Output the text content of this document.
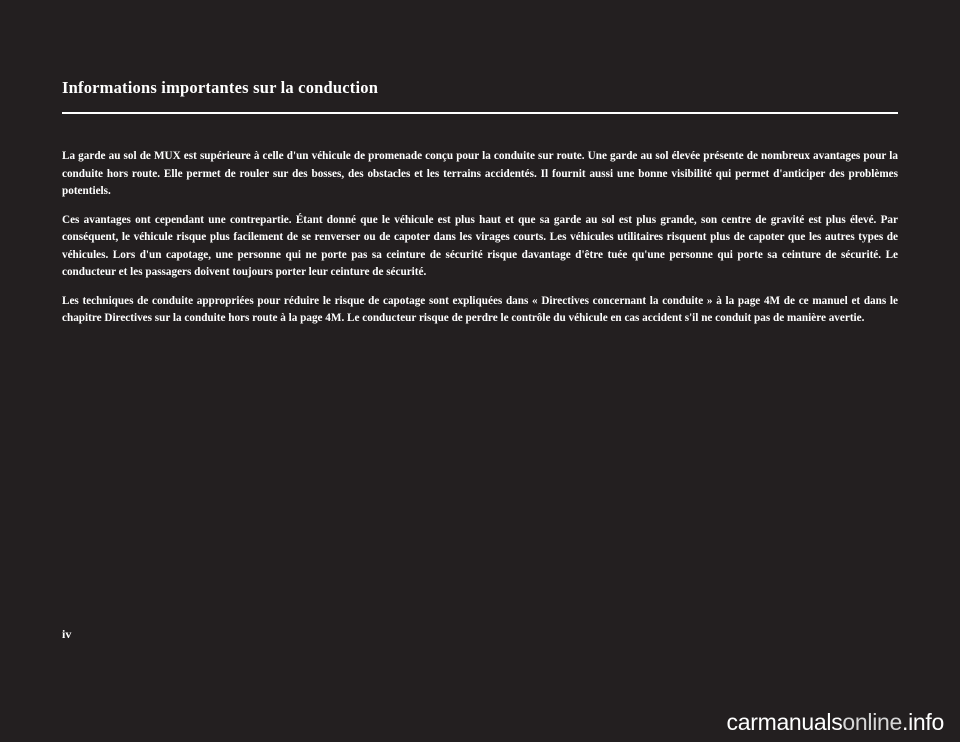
Informations importantes sur la conduction

La garde au sol de MUX est supérieure à celle d'un véhicule de promenade conçu pour la conduite sur route. Une garde au sol élevée présente de nombreux avantages pour la conduite hors route. Elle permet de rouler sur des bosses, des obstacles et les terrains accidentés. Il fournit aussi une bonne visibilité qui permet d'anticiper des problèmes potentiels.

Ces avantages ont cependant une contrepartie. Étant donné que le véhicule est plus haut et que sa garde au sol est plus grande, son centre de gravité est plus élevé. Par conséquent, le véhicule risque plus facilement de se renverser ou de capoter dans les virages courts. Les véhicules utilitaires risquent plus de capoter que les autres types de véhicules. Lors d'un capotage, une personne qui ne porte pas sa ceinture de sécurité risque davantage d'être tuée qu'une personne qui porte sa ceinture de sécurité. Le conducteur et les passagers doivent toujours porter leur ceinture de sécurité.

Les techniques de conduite appropriées pour réduire le risque de capotage sont expliquées dans « Directives concernant la conduite » à la page 4M de ce manuel et dans le chapitre Directives sur la conduite hors route à la page 4M. Le conducteur risque de perdre le contrôle du véhicule en cas accident s'il ne conduit pas de manière avertie.

iv
carmanualsonline.info
